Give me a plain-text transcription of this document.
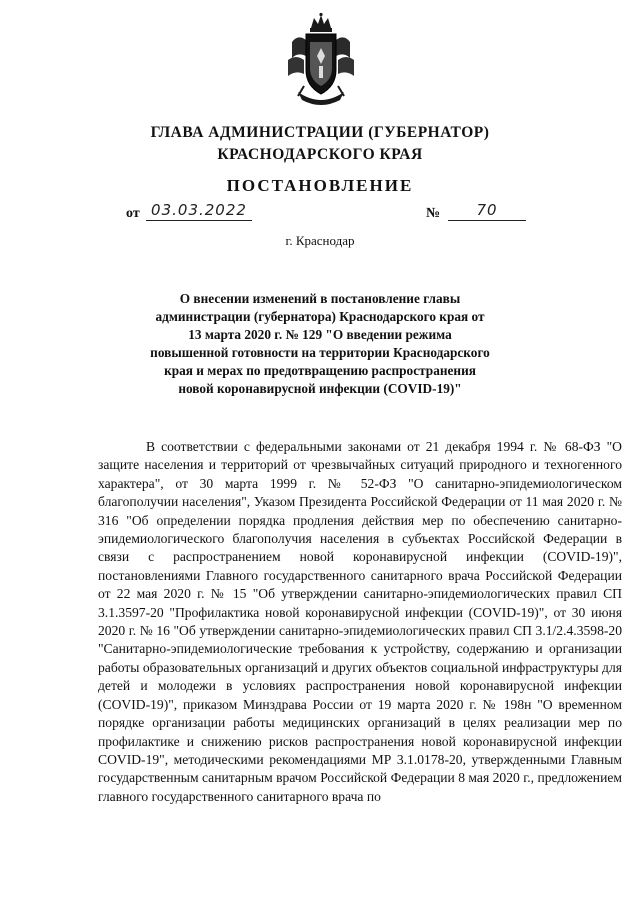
ГЛАВА АДМИНИСТРАЦИИ (ГУБЕРНАТОР)
КРАСНОДАРСКОГО КРАЯ
ПОСТАНОВЛЕНИЕ
от 03.03.2022	№	70
г. Краснодар
О внесении изменений в постановление главы администрации (губернатора) Краснодарского края от 13 марта 2020 г. № 129 "О введении режима повышенной готовности на территории Краснодарского края и мерах по предотвращению распространения новой коронавирусной инфекции (COVID-19)"
В соответствии с федеральными законами от 21 декабря 1994 г. № 68-ФЗ "О защите населения и территорий от чрезвычайных ситуаций природного и техногенного характера", от 30 марта 1999 г. № 52-ФЗ "О санитарно-эпидемиологическом благополучии населения", Указом Президента Российской Федерации от 11 мая 2020 г. № 316 "Об определении порядка продления действия мер по обеспечению санитарно-эпидемиологического благополучия населения в субъектах Российской Федерации в связи с распространением новой коронавирусной инфекции (COVID-19)", постановлениями Главного государственного санитарного врача Российской Федерации от 22 мая 2020 г. № 15 "Об утверждении санитарно-эпидемиологических правил СП 3.1.3597-20 "Профилактика новой коронавирусной инфекции (COVID-19)", от 30 июня 2020 г. № 16 "Об утверждении санитарно-эпидемиологических правил СП 3.1/2.4.3598-20 "Санитарно-эпидемиологические требования к устройству, содержанию и организации работы образовательных организаций и других объектов социальной инфраструктуры для детей и молодежи в условиях распространения новой коронавирусной инфекции (COVID-19)", приказом Минздрава России от 19 марта 2020 г. № 198н "О временном порядке организации работы медицинских организаций в целях реализации мер по профилактике и снижению рисков распространения новой коронавирусной инфекции COVID-19", методическими рекомендациями МР 3.1.0178-20, утвержденными Главным государственным санитарным врачом Российской Федерации 8 мая 2020 г., предложением главного государственного санитарного врача по
